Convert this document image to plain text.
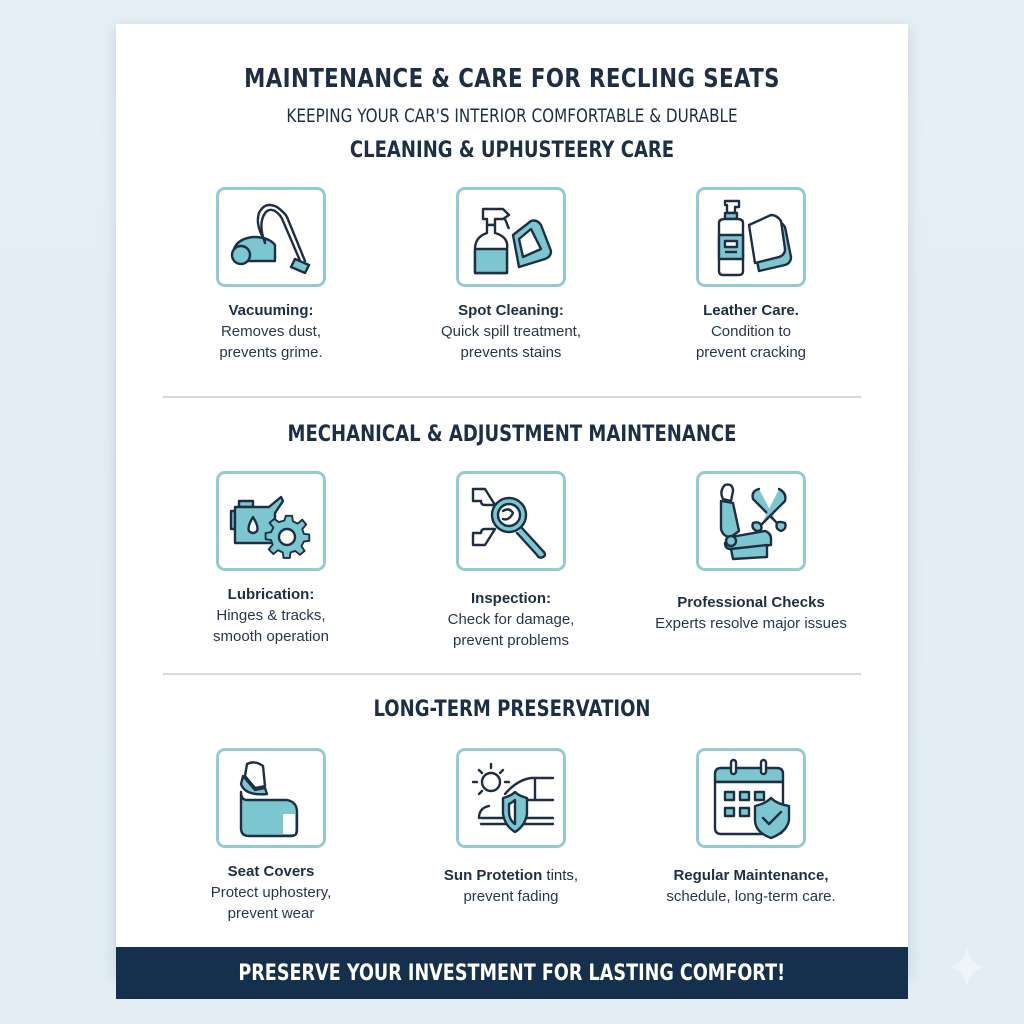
MAINTENANCE & CARE FOR RECLING SEATS
KEEPING YOUR CAR'S INTERIOR COMFORTABLE & DURABLE
CLEANING & UPHUSTEERY CARE
Vacuuming:
Removes dust,
prevents grime.
Spot Cleaning:
Quick spill treatment,
prevents stains
Leather Care.
Condition to
prevent cracking
MECHANICAL & ADJUSTMENT MAINTENANCE
Lubrication:
Hinges & tracks,
smooth operation
Inspection:
Check for damage,
prevent problems
Professional Checks
Experts resolve major issues
LONG-TERM PRESERVATION
Seat Covers
Protect uphostery,
prevent wear
Sun Protetion tints,
prevent fading
Regular Maintenance,
schedule, long-term care.
PRESERVE YOUR INVESTMENT FOR LASTING COMFORT!
